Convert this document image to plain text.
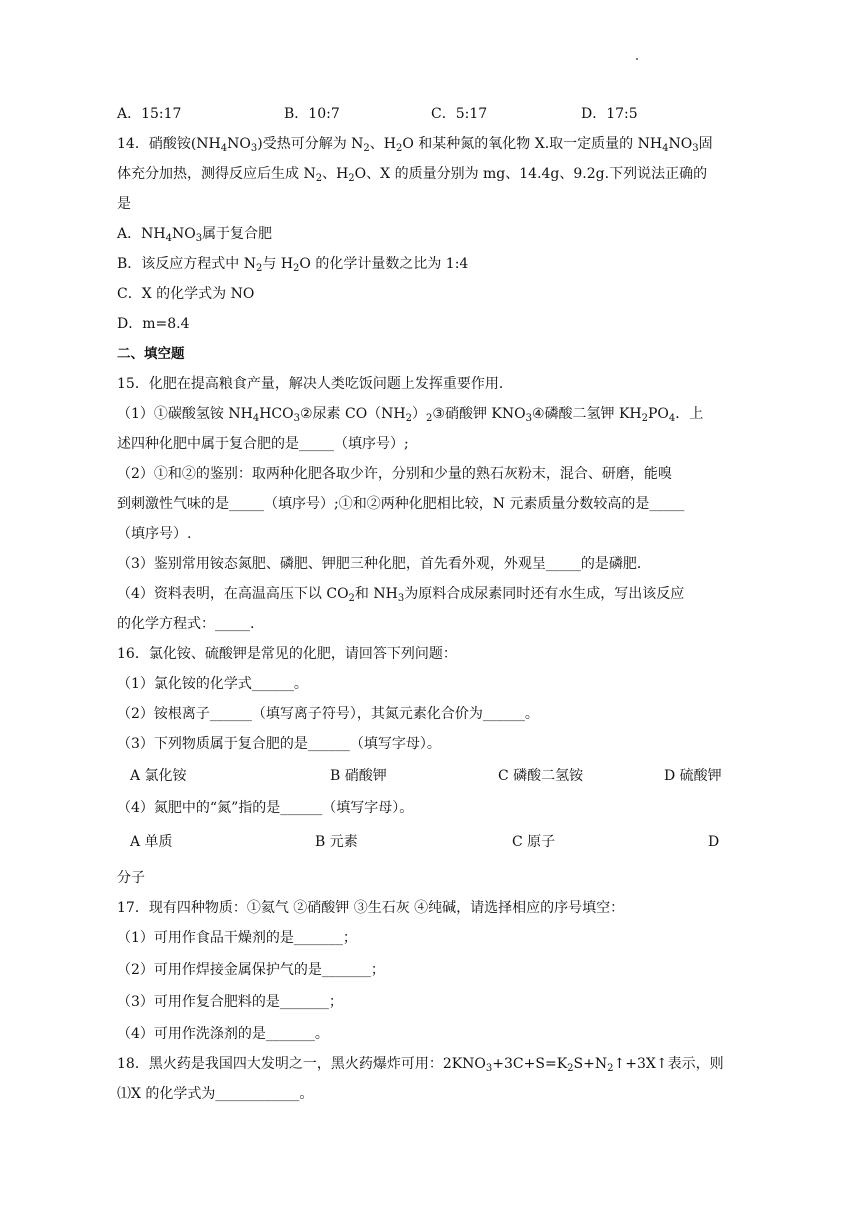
A．15:17	B．10:7	C．5:17	D．17:5
14．硝酸铵$(NH_4NO_3)$受热可分解为 $N_2$、$H_2O$ 和某种氮的氧化物 X.取一定质量的 $NH_4NO_3$固
体充分加热，测得反应后生成 $N_2$、$H_2O$、X 的质量分别为 mg、14.4g、9.2g.下列说法正确的
是
A．$NH_4NO_3$属于复合肥
B．该反应方程式中 $N_2$与 $H_2O$ 的化学计量数之比为 1:4
C．X 的化学式为 NO
D．m=8.4
二、填空题
15．化肥在提高粮食产量，解决人类吃饭问题上发挥重要作用．
（1）①碳酸氢铵 $NH_4HCO_3②$尿素 $CO(NH_2)_2③$硝酸钾 $KNO_3④$磷酸二氢钾 $KH_2PO_4$．上
述四种化肥中属于复合肥的是_____（填序号）;
（2）①和②的鉴别：取两种化肥各取少许，分别和少量的熟石灰粉末，混合、研磨，能嗅
到刺激性气味的是_____（填序号）;①和②两种化肥相比较，N 元素质量分数较高的是_____
（填序号）.
（3）鉴别常用铵态氮肥、磷肥、钾肥三种化肥，首先看外观，外观呈_____的是磷肥．
（4）资料表明，在高温高压下以 $CO_2$和 $NH_3$为原料合成尿素同时还有水生成，写出该反应
的化学方程式：_____.
16．氯化铵、硫酸钾是常见的化肥，请回答下列问题：
（1）氯化铵的化学式______。
（2）铵根离子______（填写离子符号），其氮元素化合价为______。
（3）下列物质属于复合肥的是______（填写字母）。
A 氯化铵	B 硝酸钾	C 磷酸二氢铵	D 硫酸钾
（4）氮肥中的“氮”指的是______（填写字母）。
A 单质	B 元素	C 原子	D
分子
17．现有四种物质：①氦气 ②硝酸钾 ③生石灰 ④纯碱，请选择相应的序号填空：
（1）可用作食品干燥剂的是_______；
（2）可用作焊接金属保护气的是_______；
（3）可用作复合肥料的是_______；
（4）可用作洗涤剂的是_______。
18．黑火药是我国四大发明之一，黑火药爆炸可用：$2KNO_3+3C+S=K_2S+N_2↑+3X↑$表示，则
⑴X 的化学式为____________。
